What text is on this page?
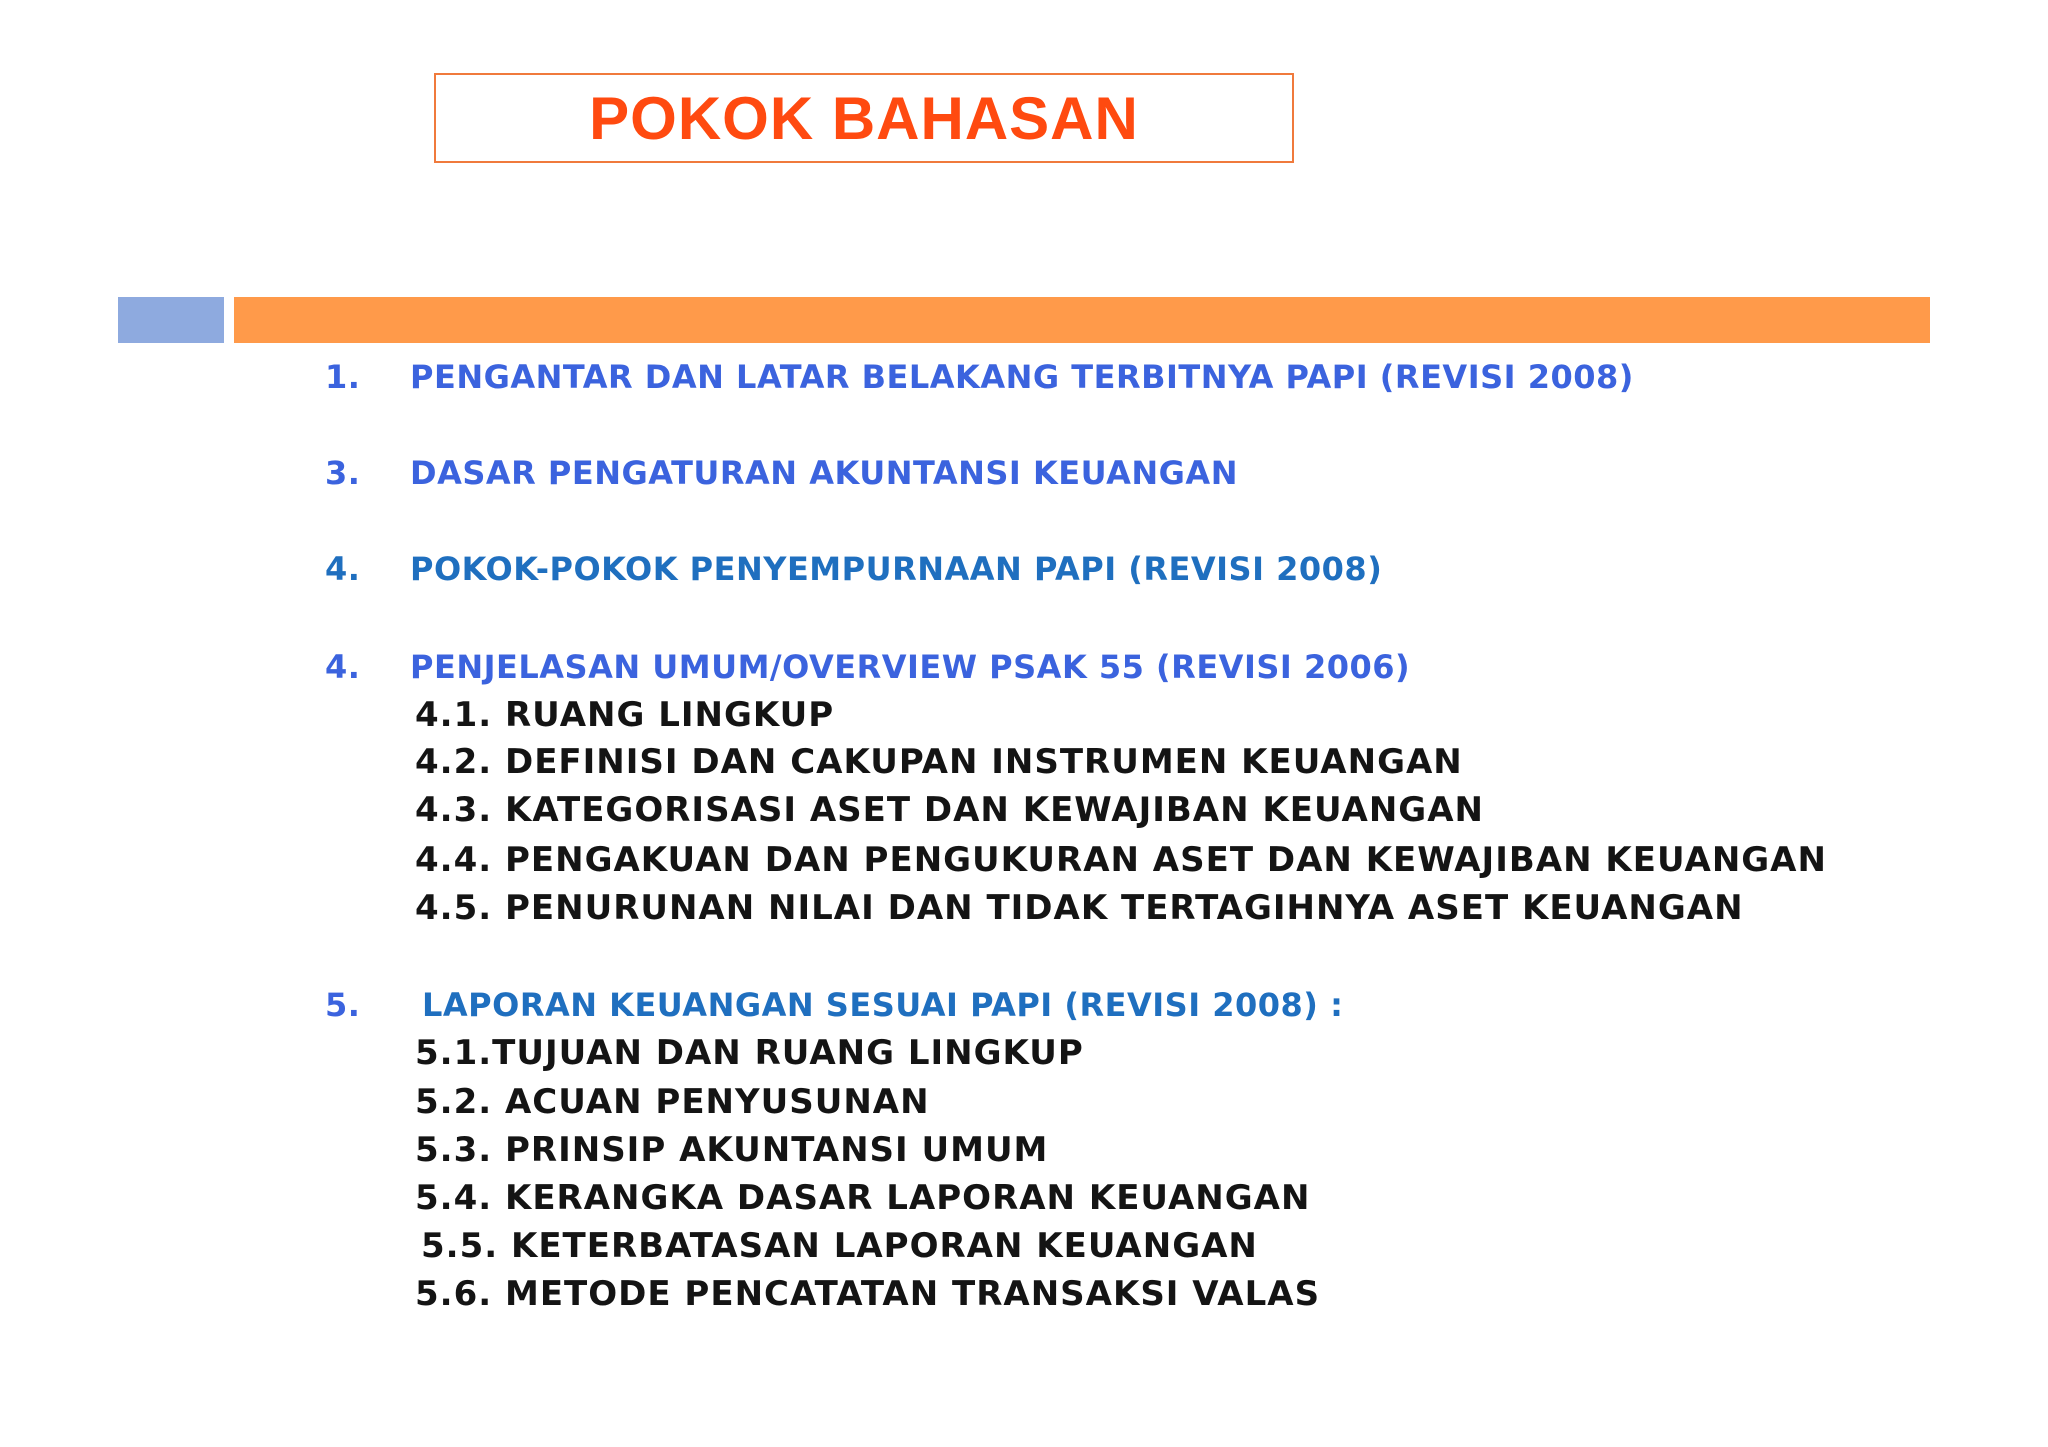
POKOK BAHASAN
1. PENGANTAR DAN LATAR BELAKANG TERBITNYA PAPI (REVISI 2008)
3. DASAR PENGATURAN AKUNTANSI KEUANGAN
4. POKOK-POKOK PENYEMPURNAAN PAPI (REVISI 2008)
4. PENJELASAN UMUM/OVERVIEW PSAK 55 (REVISI 2006)
4.1. RUANG LINGKUP
4.2. DEFINISI DAN CAKUPAN INSTRUMEN KEUANGAN
4.3. KATEGORISASI ASET DAN KEWAJIBAN KEUANGAN
4.4. PENGAKUAN DAN PENGUKURAN ASET DAN KEWAJIBAN KEUANGAN
4.5. PENURUNAN NILAI DAN TIDAK TERTAGIHNYA ASET KEUANGAN
5. LAPORAN KEUANGAN SESUAI PAPI (REVISI 2008) :
5.1.TUJUAN DAN RUANG LINGKUP
5.2. ACUAN PENYUSUNAN
5.3. PRINSIP AKUNTANSI UMUM
5.4. KERANGKA DASAR LAPORAN KEUANGAN
5.5. KETERBATASAN LAPORAN KEUANGAN
5.6. METODE PENCATATAN TRANSAKSI VALAS
